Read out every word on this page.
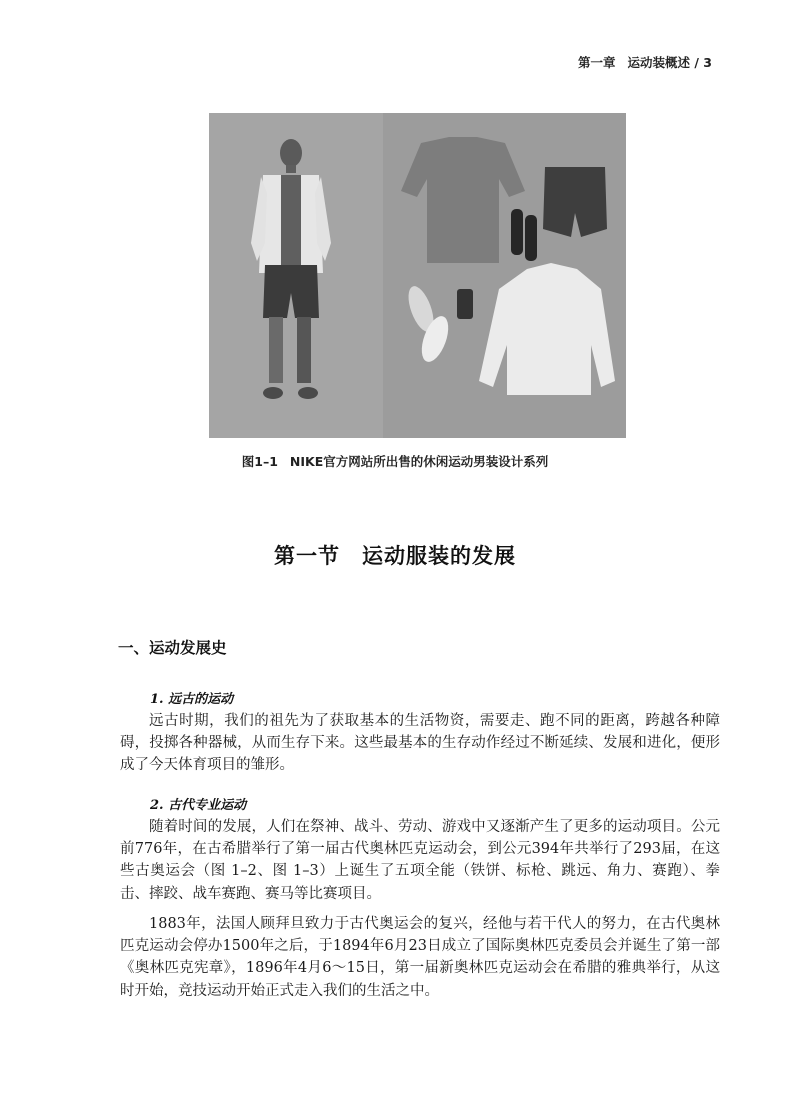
第一章 运动装概述 / 3
图1–1 NIKE官方网站所出售的休闲运动男装设计系列
第一节 运动服装的发展
一、运动发展史
1. 远古的运动

远古时期，我们的祖先为了获取基本的生活物资，需要走、跑不同的距离，跨越各种障碍，投掷各种器械，从而生存下来。这些最基本的生存动作经过不断延续、发展和进化，便形成了今天体育项目的雏形。

2. 古代专业运动

随着时间的发展，人们在祭神、战斗、劳动、游戏中又逐渐产生了更多的运动项目。公元前776年，在古希腊举行了第一届古代奥林匹克运动会，到公元394年共举行了293届，在这些古奥运会（图 1–2、图 1–3）上诞生了五项全能（铁饼、标枪、跳远、角力、赛跑）、拳击、摔跤、战车赛跑、赛马等比赛项目。

1883年，法国人顾拜旦致力于古代奥运会的复兴，经他与若干代人的努力，在古代奥林匹克运动会停办1500年之后，于1894年6月23日成立了国际奥林匹克委员会并诞生了第一部《奥林匹克宪章》，1896年4月6～15日，第一届新奥林匹克运动会在希腊的雅典举行，从这时开始，竞技运动开始正式走入我们的生活之中。
